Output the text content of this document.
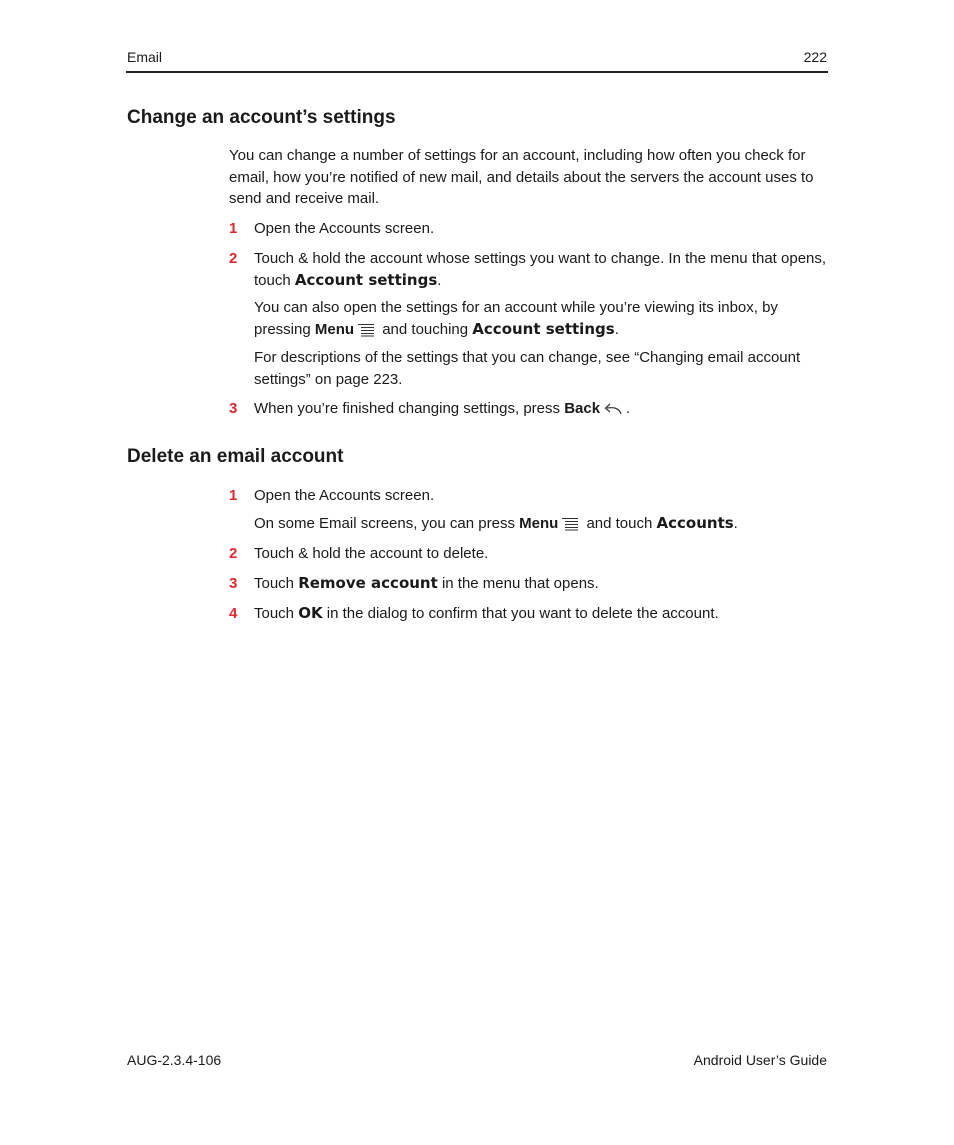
Email	222
Change an account’s settings

You can change a number of settings for an account, including how often you check for email, how you’re notified of new mail, and details about the servers the account uses to send and receive mail.

1 Open the Accounts screen.
2 Touch & hold the account whose settings you want to change. In the menu that opens, touch Account settings.

You can also open the settings for an account while you’re viewing its inbox, by pressing Menu and touching Account settings.

For descriptions of the settings that you can change, see “Changing email account settings” on page 223.

3 When you’re finished changing settings, press Back .
Delete an email account
1 Open the Accounts screen.

On some Email screens, you can press Menu and touch Accounts.

2 Touch & hold the account to delete.
3 Touch Remove account in the menu that opens.
4 Touch OK in the dialog to confirm that you want to delete the account.
AUG-2.3.4-106	Android User’s Guide
